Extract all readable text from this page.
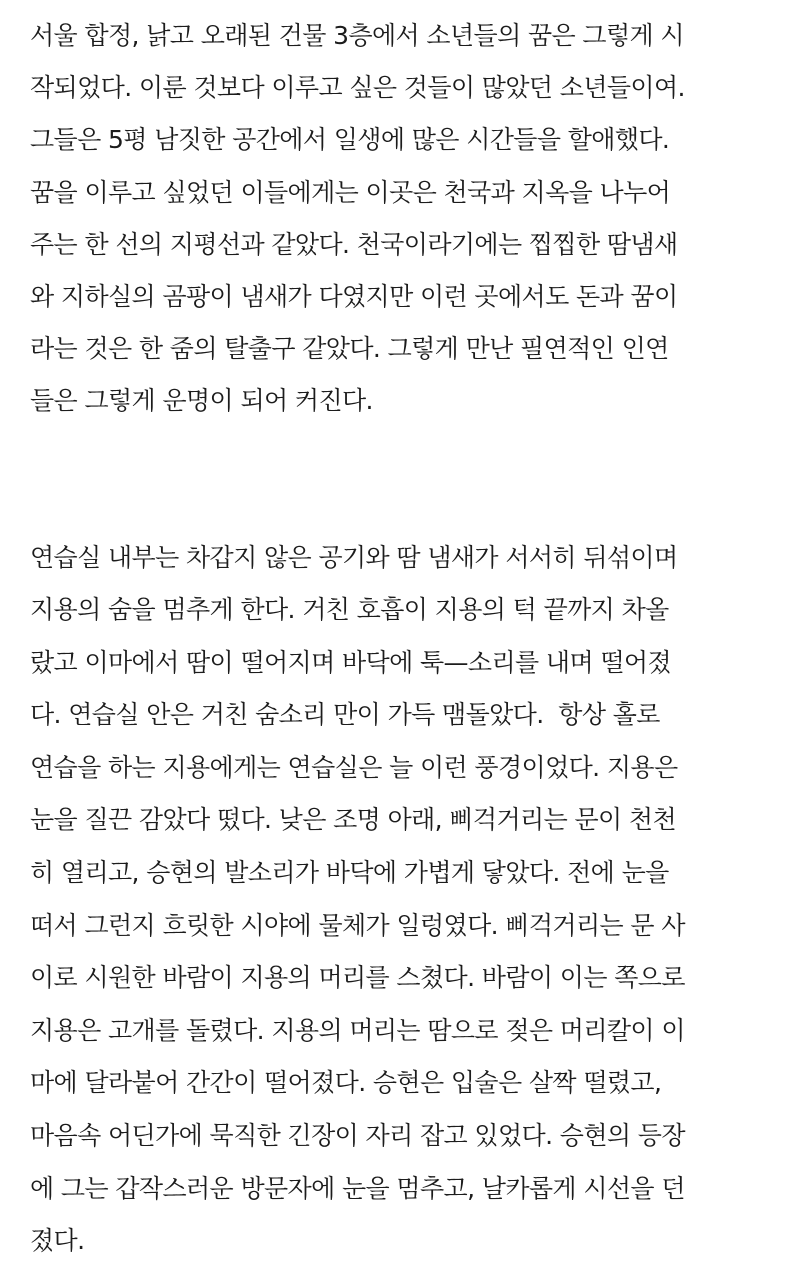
서울 합정, 낡고 오래된 건물 3층에서 소년들의 꿈은 그렇게 시
작되었다. 이룬 것보다 이루고 싶은 것들이 많았던 소년들이여.
그들은 5평 남짓한 공간에서 일생에 많은 시간들을 할애했다.
꿈을 이루고 싶었던 이들에게는 이곳은 천국과 지옥을 나누어
주는 한 선의 지평선과 같았다. 천국이라기에는 찝찝한 땀냄새
와 지하실의 곰팡이 냄새가 다였지만 이런 곳에서도 돈과 꿈이
라는 것은 한 줌의 탈출구 같았다. 그렇게 만난 필연적인 인연
들은 그렇게 운명이 되어 커진다.
연습실 내부는 차갑지 않은 공기와 땀 냄새가 서서히 뒤섞이며
지용의 숨을 멈추게 한다. 거친 호흡이 지용의 턱 끝까지 차올
랐고 이마에서 땀이 떨어지며 바닥에 툭—소리를 내며 떨어졌
다. 연습실 안은 거친 숨소리 만이 가득 맴돌았다.  항상 홀로
연습을 하는 지용에게는 연습실은 늘 이런 풍경이었다. 지용은
눈을 질끈 감았다 떴다. 낮은 조명 아래, 삐걱거리는 문이 천천
히 열리고, 승현의 발소리가 바닥에 가볍게 닿았다. 전에 눈을
떠서 그런지 흐릿한 시야에 물체가 일렁였다. 삐걱거리는 문 사
이로 시원한 바람이 지용의 머리를 스쳤다. 바람이 이는 쪽으로
지용은 고개를 돌렸다. 지용의 머리는 땀으로 젖은 머리칼이 이
마에 달라붙어 간간이 떨어졌다. 승현은 입술은 살짝 떨렸고,
마음속 어딘가에 묵직한 긴장이 자리 잡고 있었다. 승현의 등장
에 그는 갑작스러운 방문자에 눈을 멈추고, 날카롭게 시선을 던
졌다.
